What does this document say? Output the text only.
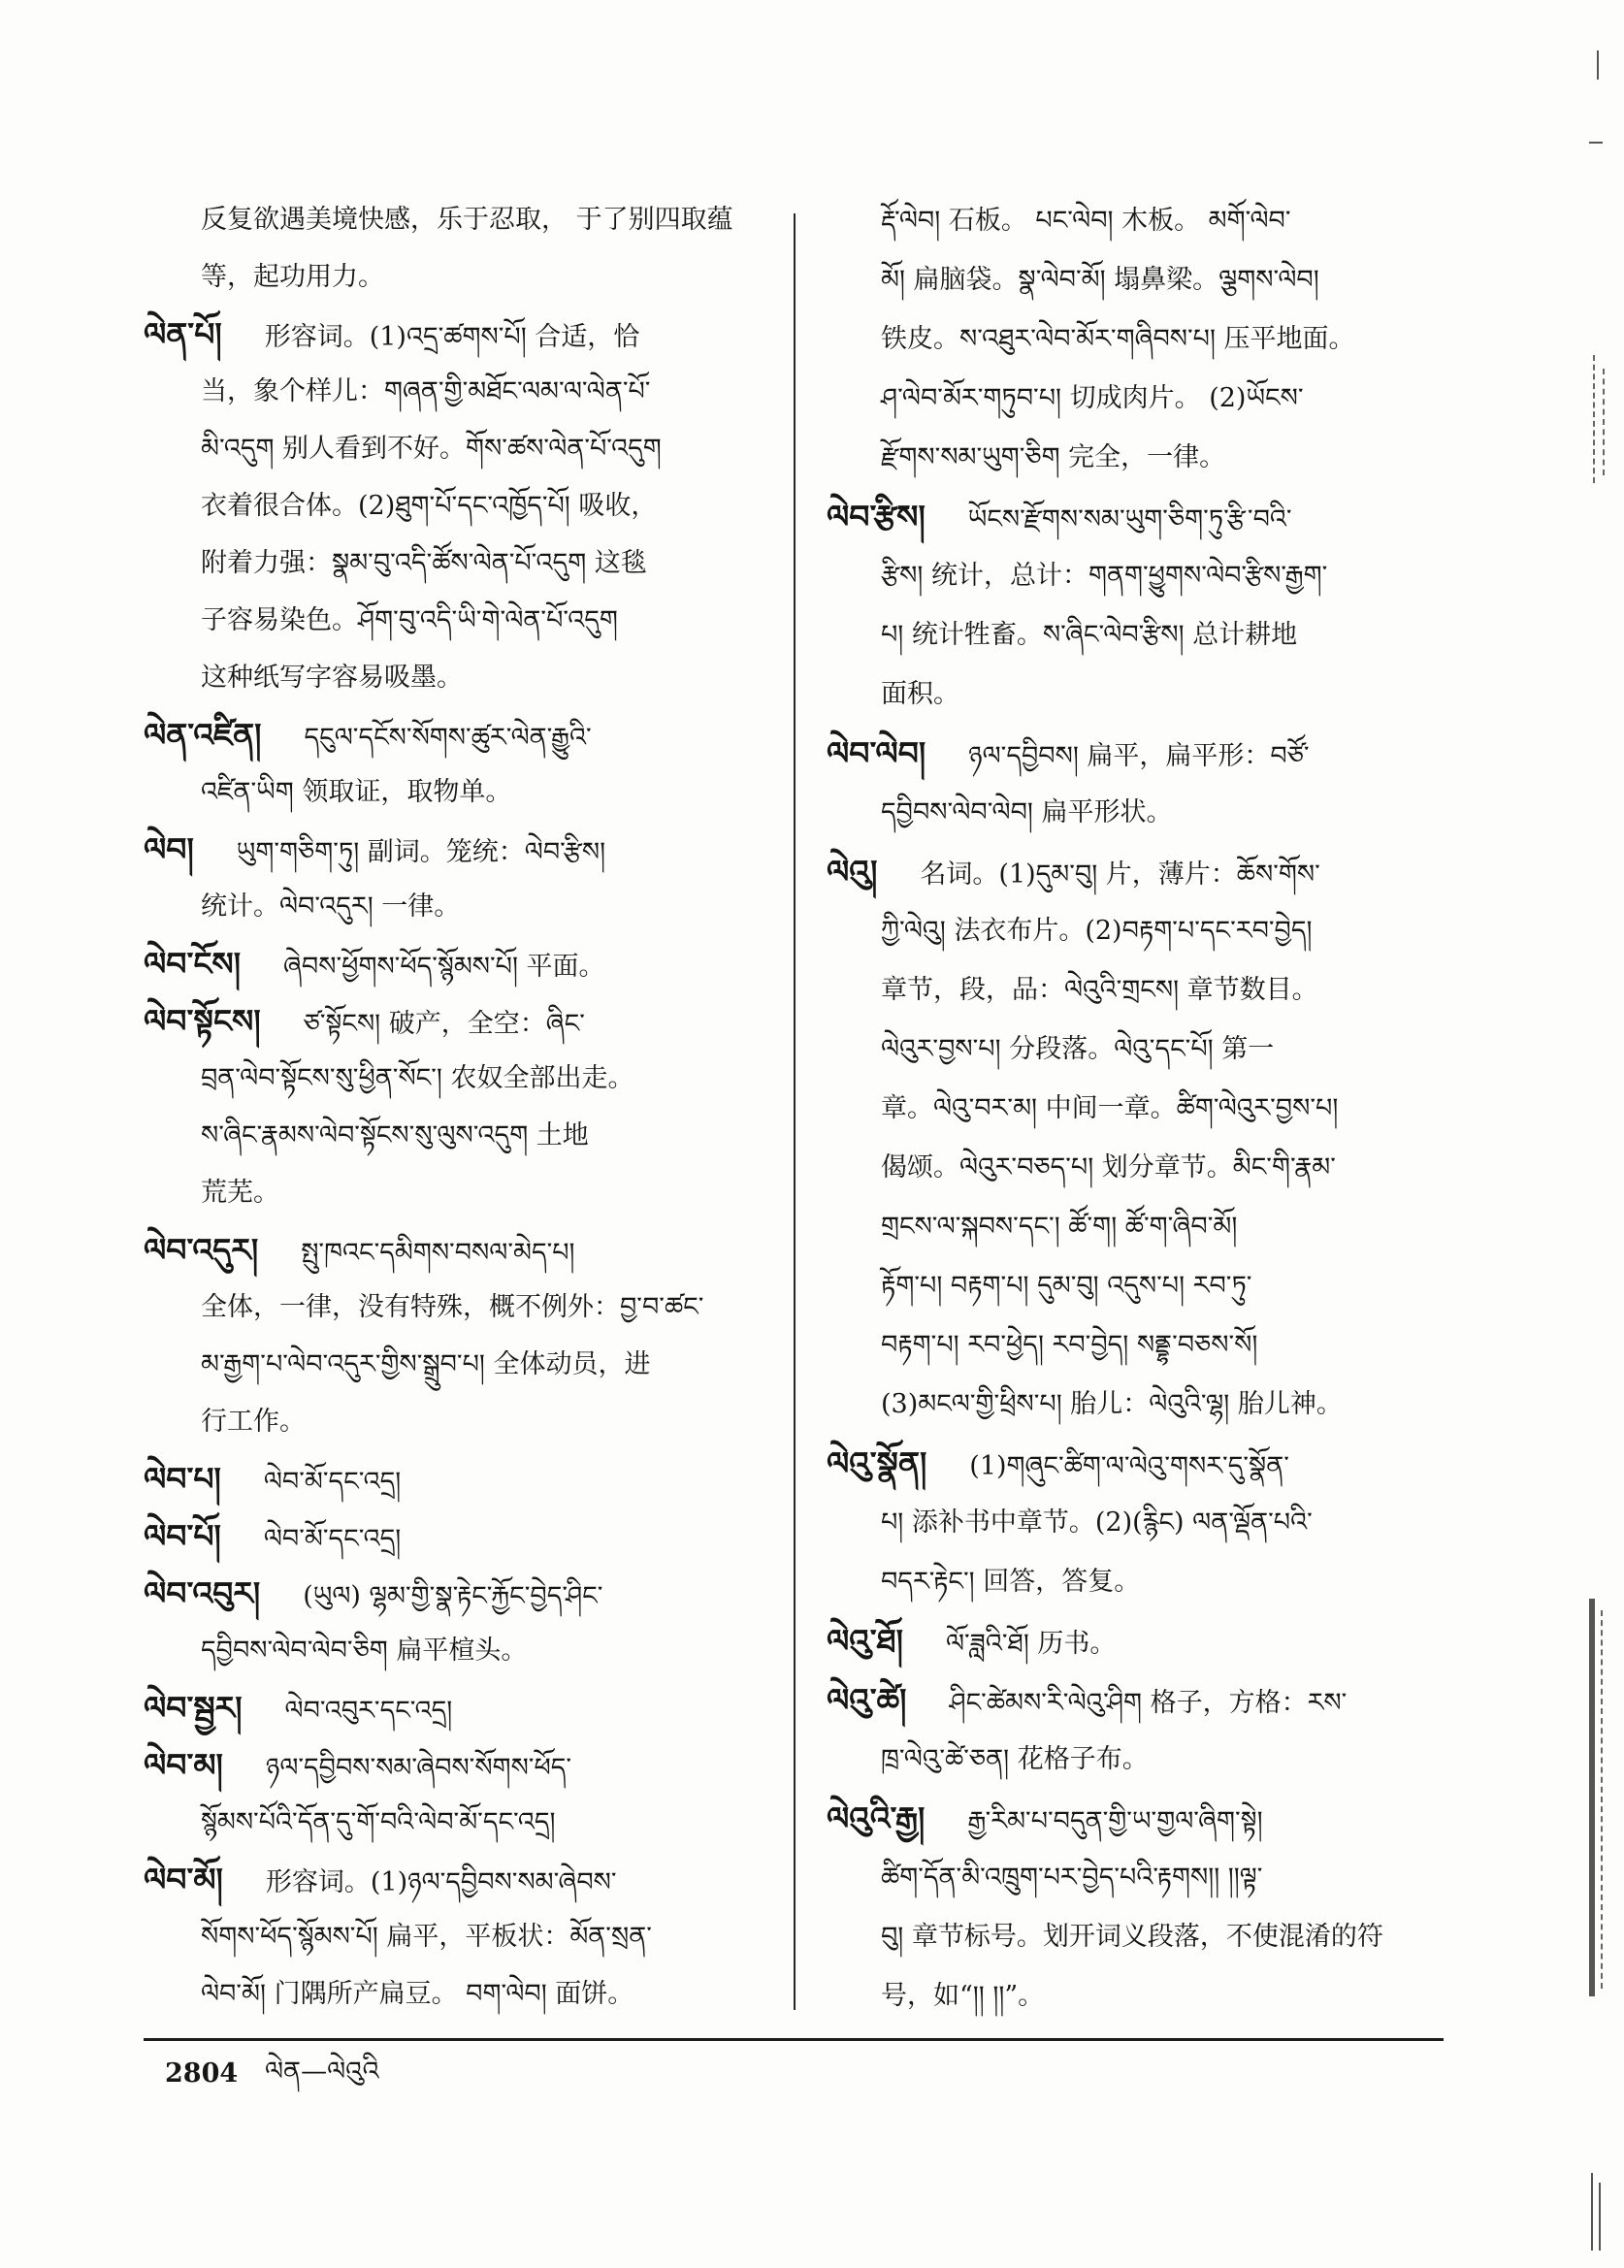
反复欲遇美境快感，乐于忍取， 于了别四取蕴
等，起功用力。
ལེན་པོ། 形容词。(1)འདྲ་ཚགས་པོ། 合适，恰
当，象个样儿：གཞན་གྱི་མཐོང་ལམ་ལ་ལེན་པོ་
མི་འདུག 别人看到不好。གོས་ཚས་ལེན་པོ་འདུག
衣着很合体。(2)ཐུག་པོ་དང་འཁྱོད་པོ། 吸收，
附着力强：སྣམ་བུ་འདི་ཚོས་ལེན་པོ་འདུག 这毯
子容易染色。ཤོག་བུ་འདི་ཡི་གེ་ལེན་པོ་འདུག
这种纸写字容易吸墨。
ལེན་འཛིན། དངུལ་དངོས་སོགས་ཚུར་ལེན་རྒྱུའི་
འཛིན་ཡིག 领取证，取物单。
ལེབ། ཡུག་གཅིག་ཏུ། 副词。笼统：ལེབ་རྩིས།
统计。ལེབ་འདུར། 一律。
ལེབ་ངོས། ཞེབས་ཕྱོགས་ཕོད་སྙོམས་པོ། 平面。
ལེབ་སྟོངས། ཙ་སྟོངས། 破产，全空：ཞིང་
བྲན་ལེབ་སྟོངས་སུ་ཕྱིན་སོང་། 农奴全部出走。
ས་ཞིང་རྣམས་ལེབ་སྟོངས་སུ་ལུས་འདུག 土地
荒芜。
ལེབ་འདུར། སྤུ་ཁའང་དམིགས་བསལ་མེད་པ།
全体，一律，没有特殊，概不例外：བྱ་བ་ཚང་
མ་རྒྱག་པ་ལེབ་འདུར་གྱིས་སྒྲུབ་པ། 全体动员，进
行工作。
ལེབ་པ། ལེབ་མོ་དང་འདྲ།
ལེབ་པོ། ལེབ་མོ་དང་འདྲ།
ལེབ་འབུར། (ཡུལ) ལྷམ་གྱི་སྣ་རྟེང་རྐྱོང་བྱེད་ཤིང་
དབྱིབས་ལེབ་ལེབ་ཅིག 扁平楦头。
ལེབ་སྦྱར། ལེབ་འབུར་དང་འདྲ།
ལེབ་མ། ཉལ་དབྱིབས་སམ་ཞེབས་སོགས་ཕོད་
སྙོམས་པོའི་དོན་དུ་གོ་བའི་ལེབ་མོ་དང་འདྲ།
ལེབ་མོ། 形容词。(1)ཉལ་དབྱིབས་སམ་ཞེབས་
སོགས་ཕོད་སྙོམས་པོ། 扁平，平板状：མོན་སྲན་
ལེབ་མོ། 门隅所产扁豆。 བག་ལེབ། 面饼。
རྡོ་ལེབ། 石板。 པང་ལེབ། 木板。 མགོ་ལེབ་
མོ། 扁脑袋。སྣ་ལེབ་མོ། 塌鼻梁。ལྕགས་ལེབ།
铁皮。ས་འཐུར་ལེབ་མོར་གཞིབས་པ། 压平地面。
ཤ་ལེབ་མོར་གཏུབ་པ། 切成肉片。 (2)ཡོངས་
རྫོགས་སམ་ཡུག་ཅིག 完全，一律。
ལེབ་རྩིས། ཡོངས་རྫོགས་སམ་ཡུག་ཅིག་ཏུ་རྩི་བའི་
རྩིས། 统计，总计：གནག་ཕྱུགས་ལེབ་རྩིས་རྒྱག་
པ། 统计牲畜。ས་ཞིང་ལེབ་རྩིས། 总计耕地
面积。
ལེབ་ལེབ། ཉལ་དབྱིབས། 扁平，扁平形：བཙོ་
དབྱིབས་ལེབ་ལེབ། 扁平形状。
ལེའུ། 名词。(1)དུམ་བུ། 片，薄片：ཆོས་གོས་
ཀྱི་ལེའུ། 法衣布片。(2)བརྟག་པ་དང་རབ་བྱེད།
章节，段，品：ལེའུའི་གྲངས། 章节数目。
ལེའུར་བྱས་པ། 分段落。ལེའུ་དང་པོ། 第一
章。ལེའུ་བར་མ། 中间一章。ཚིག་ལེའུར་བྱས་པ།
偈颂。ལེའུར་བཅད་པ། 划分章节。མིང་གི་རྣམ་
གྲངས་ལ་སྐབས་དང་། ཚོ་ག། ཚོ་ག་ཞིབ་མོ།
རྟོག་པ། བརྟག་པ། དུམ་བུ། འདུས་པ། རབ་ཏུ་
བརྟག་པ། རབ་ཕྱེད། རབ་བྱེད། སནྡྷ་བཅས་སོ།
(3)མངལ་གྱི་ཕྲིས་པ། 胎儿：ལེའུའི་ལྷ། 胎儿神。
ལེའུ་སྣོན། (1)གཞུང་ཚིག་ལ་ལེའུ་གསར་དུ་སྣོན་
པ། 添补书中章节。(2)(རྙིང) ལན་ལྡོན་པའི་
བདར་རྟེང་། 回答，答复。
ལེའུ་ཐོ། ལོ་ཟླའི་ཐོ། 历书。
ལེའུ་ཚེ། ཤིང་ཚེམས་རི་ལེའུ་ཤིག 格子，方格：རས་
ཁྲ་ལེའུ་ཚེ་ཅན། 花格子布。
ལེའུའི་རྒྱ། རྒྱ་རིམ་པ་བདུན་གྱི་ཡ་གྱལ་ཞིག་སྟེ།
ཚིག་དོན་མི་འཁྲུག་པར་བྱེད་པའི་རྟགས།། །།ལྟ་
བུ། 章节标号。划开词义段落，不使混淆的符
号，如“།། །།”。
2804 ལེན—ལེའུའི
